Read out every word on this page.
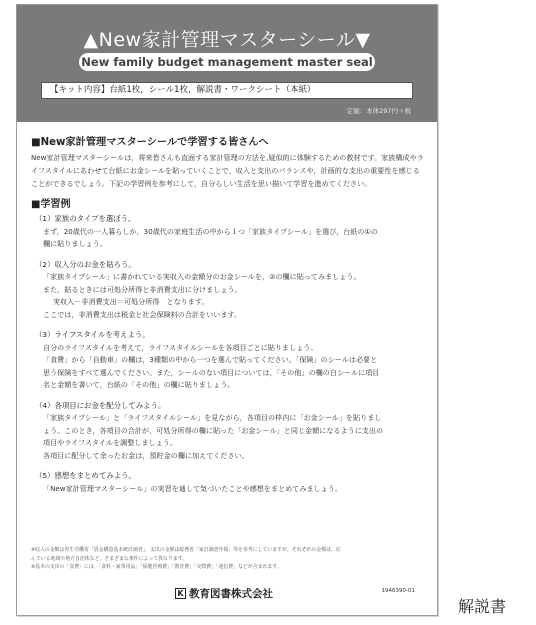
▲New家計管理マスターシール▼
New family budget management master seal
【キット内容】台紙1枚，シール1枚，解説書・ワークシート（本紙）
定価：本体297円＋税
■New家計管理マスターシールで学習する皆さんへ

New家計管理マスターシールは，将来皆さんも直面する家計管理の方法を,疑似的に体験するための教材です。家族構成やライフスタイルにあわせて台紙にお金シールを貼っていくことで，収入と支出のバランスや，計画的な支出の重要性を感じることができるでしょう。下記の学習例を参考にして，自分らしい生活を思い描いて学習を進めてください。

■学習例
（1）家族のタイプを選ぼう。
まず，20歳代の一人暮らしか，30歳代の家庭生活の中から１つ「家族タイプシール」を選び，台紙の①の
欄に貼りましょう。
（2）収入分のお金を貼ろう。
「家族タイプシール」に書かれている実収入の金額分のお金シールを，②の欄に貼ってみましょう。
また，貼るときには可処分所得と非消費支出に分けましょう。
実収入－非消費支出＝可処分所得　となります。
ここでは，非消費支出は税金と社会保険料の合計をいいます。
（3）ライフスタイルを考えよう。
自分のライフスタイルを考えて，ライフスタイルシールを各項目ごとに貼りましょう。
「食費」から「自動車」の欄は，3種類の中から一つを選んで貼ってください。「保険」のシールは必要と
思う保険をすべて選んでください。また，シールのない項目については，「その他」の欄の白シールに項目
名と金額を書いて，台紙の「その他」の欄に貼りましょう。
（4）各項目にお金を配分してみよう。
「家族タイプシール」と「ライフスタイルシール」を見ながら，各項目の枠内に「お金シール」を貼りまし
ょう。このとき，各項目の合計が，可処分所得の欄に貼った「お金シール」と同じ金額になるように支出の
項目やライフスタイルを調整しましょう。
各項目に配分して余ったお金は，預貯金の欄に加えてください。
（5）感想をまとめてみよう。
「New家計管理マスターシール」の実習を通して気づいたことや感想をまとめてみましょう。
※収入の金額は厚生労働省「賃金構造基本統計調査」，支出の金額は総務省「家計調査年報」等を参考にしていますが，それぞれの金額は，住
んでいる地域や地方自治体など，さまざまな条件によって異なります。
※基本の支出の「食費」には，「食料・家事用品」「保健医療費」「教育費」「交際費」「通信費」などが含まれます。
K 教育図書株式会社	1946390-01
解説書
